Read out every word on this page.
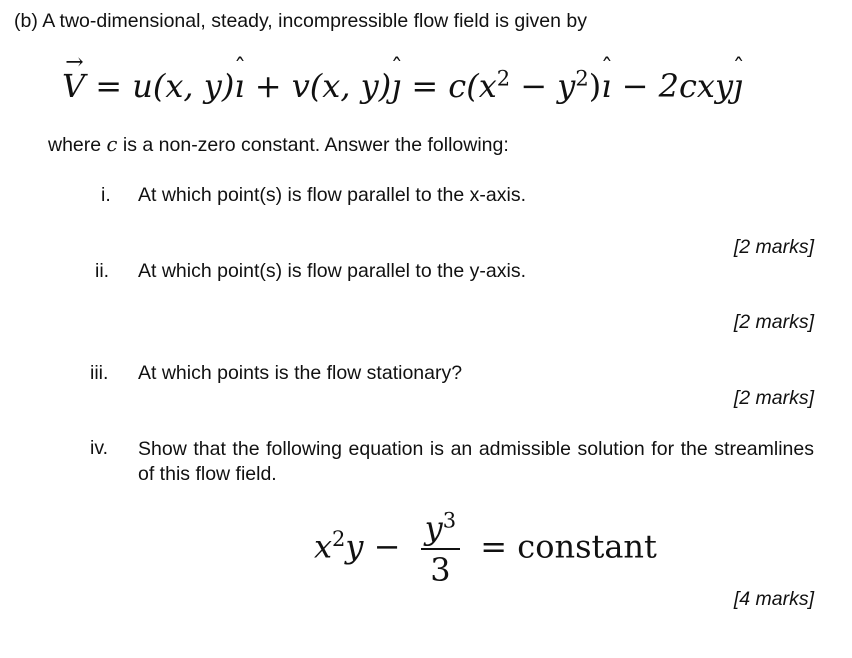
(b) A two-dimensional, steady, incompressible flow field is given by
→ V = u(x, y)ˆ ı + v(x, y)ˆ ȷ = $c(x^2$ − $y^2)ˆ$ ı − 2cxyˆ ȷ
where c is a non-zero constant. Answer the following:
i. At which point(s) is flow parallel to the x-axis.
[2 marks]
ii. At which point(s) is flow parallel to the y-axis.
[2 marks]
iii. At which points is the flow stationary?
[2 marks]
iv. Show that the following equation is an admissible solution for the streamlines of this flow field.
$x^2y - \frac{y^3}{3}$ = constant
[4 marks]
